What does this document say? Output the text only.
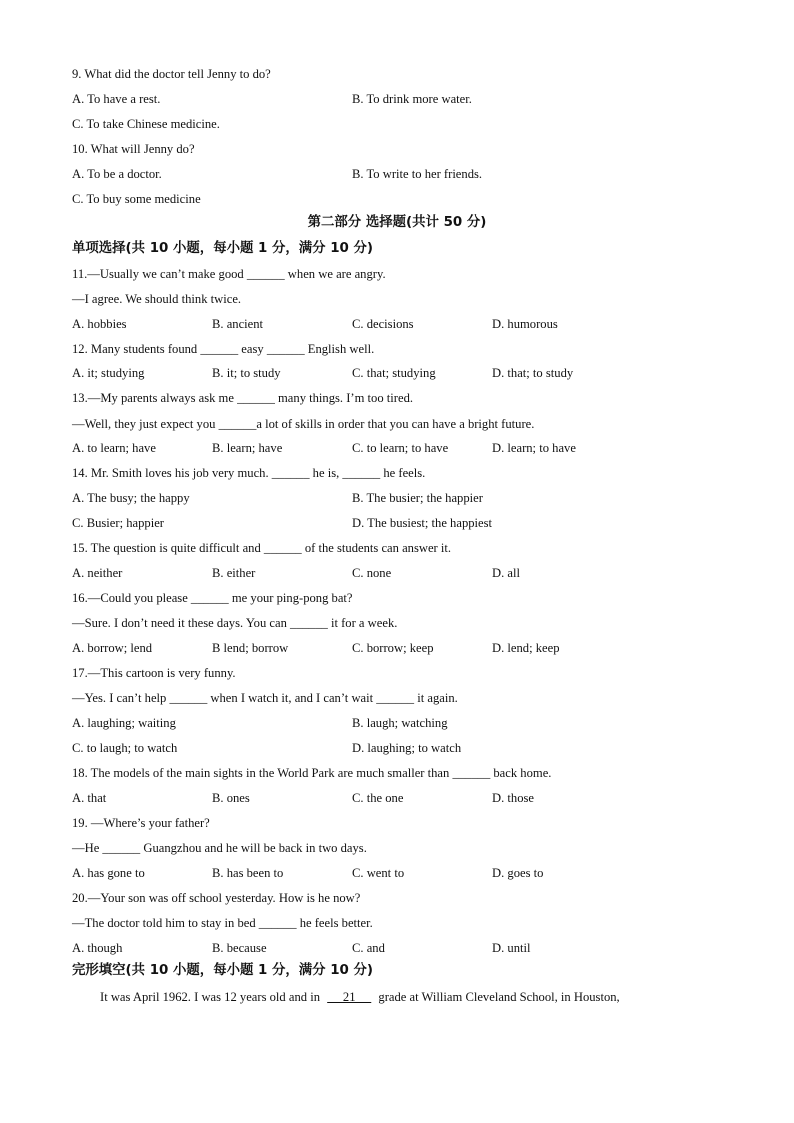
9. What did the doctor tell Jenny to do?
A. To have a rest.	B. To drink more water.
C. To take Chinese medicine.
10. What will Jenny do?
A. To be a doctor.	B. To write to her friends.
C. To buy some medicine
第二部分 选择题(共计 50 分)
单项选择(共 10 小题，每小题 1 分，满分 10 分)
11.—Usually we can’t make good ______ when we are angry.
—I agree. We should think twice.
A. hobbies	B. ancient	C. decisions	D. humorous
12. Many students found ______ easy ______ English well.
A. it; studying	B. it; to study	C. that; studying	D. that; to study
13.—My parents always ask me ______ many things. I’m too tired.
—Well, they just expect you ______a lot of skills in order that you can have a bright future.
A. to learn; have	B. learn; have	C. to learn; to have	D. learn; to have
14. Mr. Smith loves his job very much. ______ he is, ______ he feels.
A. The busy; the happy	B. The busier; the happier
C. Busier; happier	D. The busiest; the happiest
15. The question is quite difficult and ______ of the students can answer it.
A. neither	B. either	C. none	D. all
16.—Could you please ______ me your ping-pong bat?
—Sure. I don’t need it these days. You can ______ it for a week.
A. borrow; lend	B lend; borrow	C. borrow; keep	D. lend; keep
17.—This cartoon is very funny.
—Yes. I can’t help ______ when I watch it, and I can’t wait ______ it again.
A. laughing; waiting	B. laugh; watching
C. to laugh; to watch	D. laughing; to watch
18. The models of the main sights in the World Park are much smaller than ______ back home.
A. that	B. ones	C. the one	D. those
19. —Where’s your father?
—He ______ Guangzhou and he will be back in two days.
A. has gone to	B. has been to	C. went to	D. goes to
20.—Your son was off school yesterday. How is he now?
—The doctor told him to stay in bed ______ he feels better.
A. though	B. because	C. and	D. until
完形填空(共 10 小题，每小题 1 分，满分 10 分)
It was April 1962. I was 12 years old and in      21      grade at William Cleveland School, in Houston,
